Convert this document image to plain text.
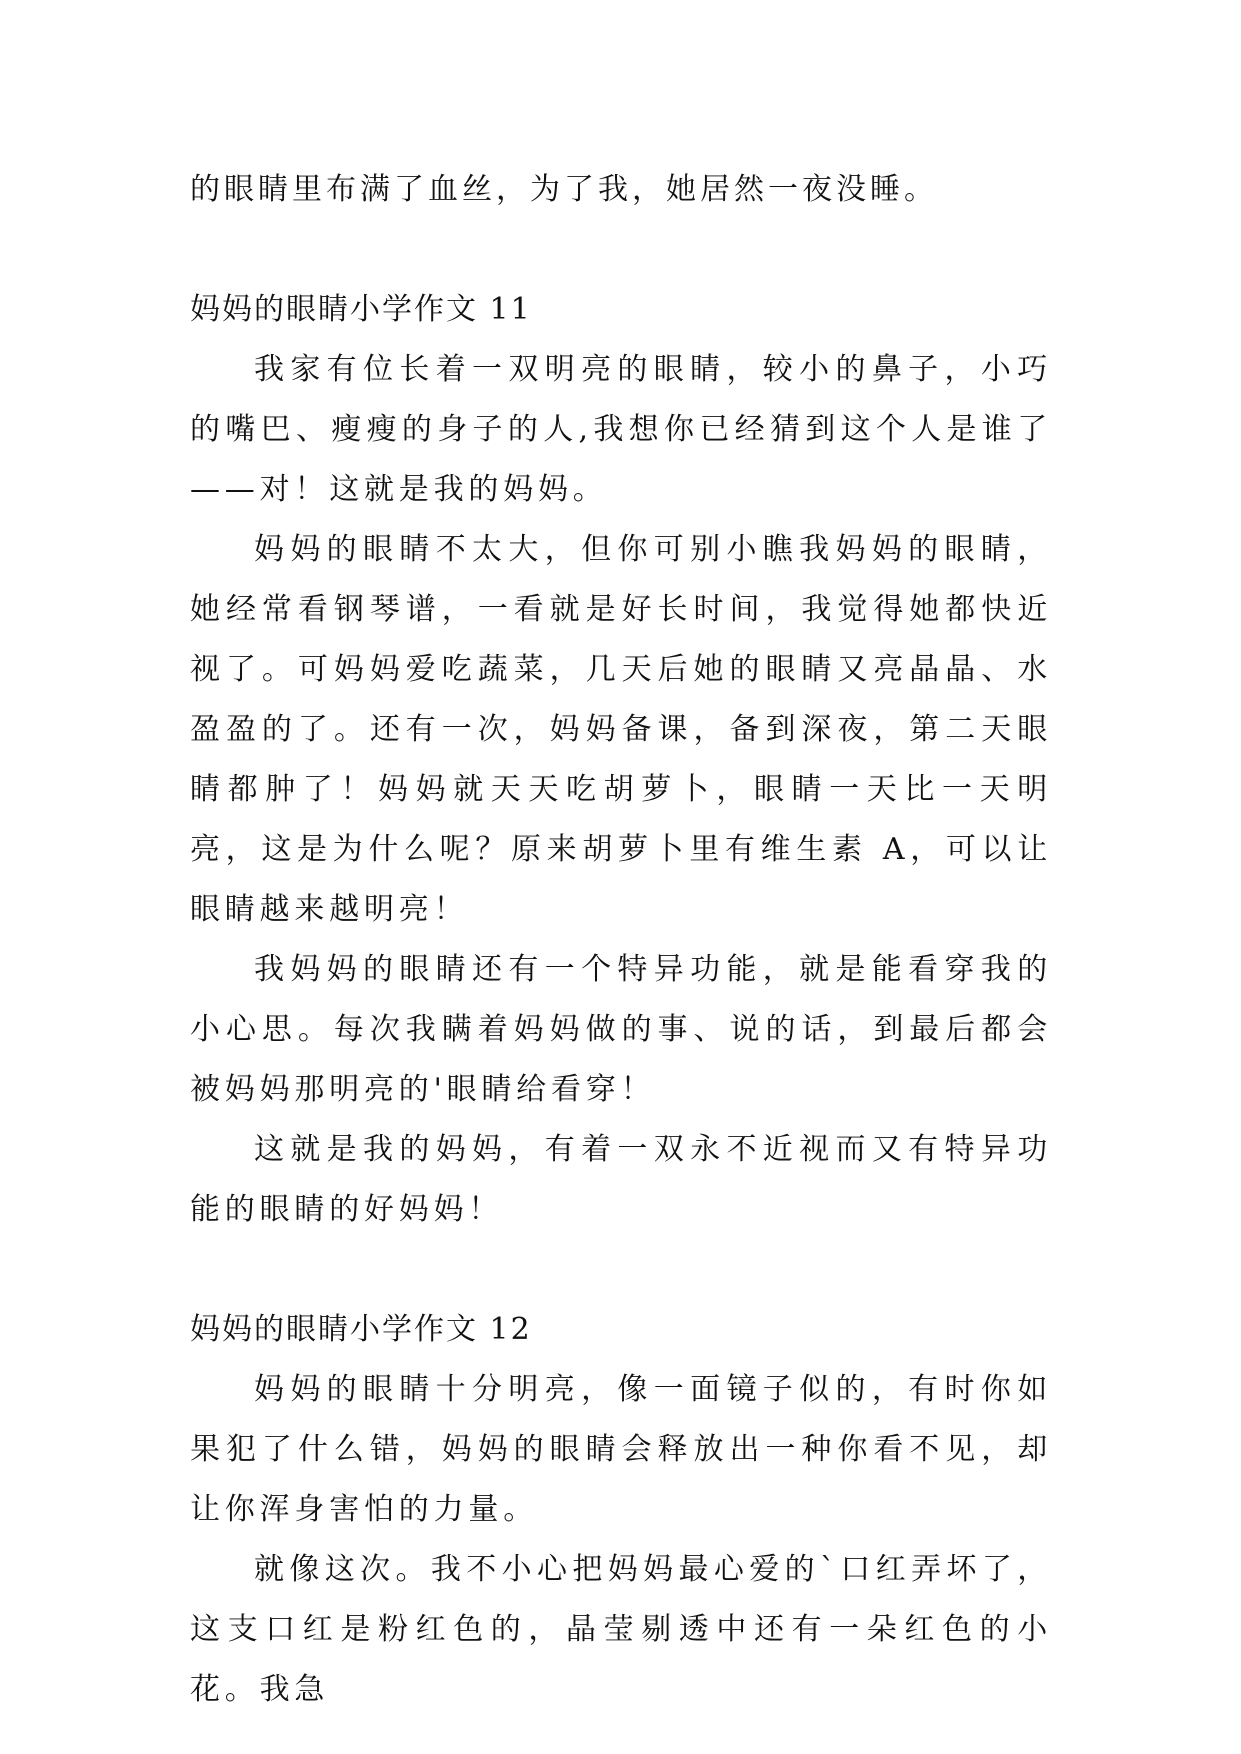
的眼睛里布满了血丝，为了我，她居然一夜没睡。
妈妈的眼睛小学作文 11

我家有位长着一双明亮的眼睛，较小的鼻子，小巧的嘴巴、瘦瘦的身子的人,我想你已经猜到这个人是谁了——对！这就是我的妈妈。

妈妈的眼睛不太大，但你可别小瞧我妈妈的眼睛，她经常看钢琴谱，一看就是好长时间，我觉得她都快近视了。可妈妈爱吃蔬菜，几天后她的眼睛又亮晶晶、水盈盈的了。还有一次，妈妈备课，备到深夜，第二天眼睛都肿了！妈妈就天天吃胡萝卜，眼睛一天比一天明亮，这是为什么呢？原来胡萝卜里有维生素 A，可以让眼睛越来越明亮！

我妈妈的眼睛还有一个特异功能，就是能看穿我的小心思。每次我瞒着妈妈做的事、说的话，到最后都会被妈妈那明亮的'眼睛给看穿！

这就是我的妈妈，有着一双永不近视而又有特异功能的眼睛的好妈妈！

妈妈的眼睛小学作文 12

妈妈的眼睛十分明亮，像一面镜子似的，有时你如果犯了什么错，妈妈的眼睛会释放出一种你看不见，却让你浑身害怕的力量。

就像这次。我不小心把妈妈最心爱的`口红弄坏了，这支口红是粉红色的，晶莹剔透中还有一朵红色的小花。我急
